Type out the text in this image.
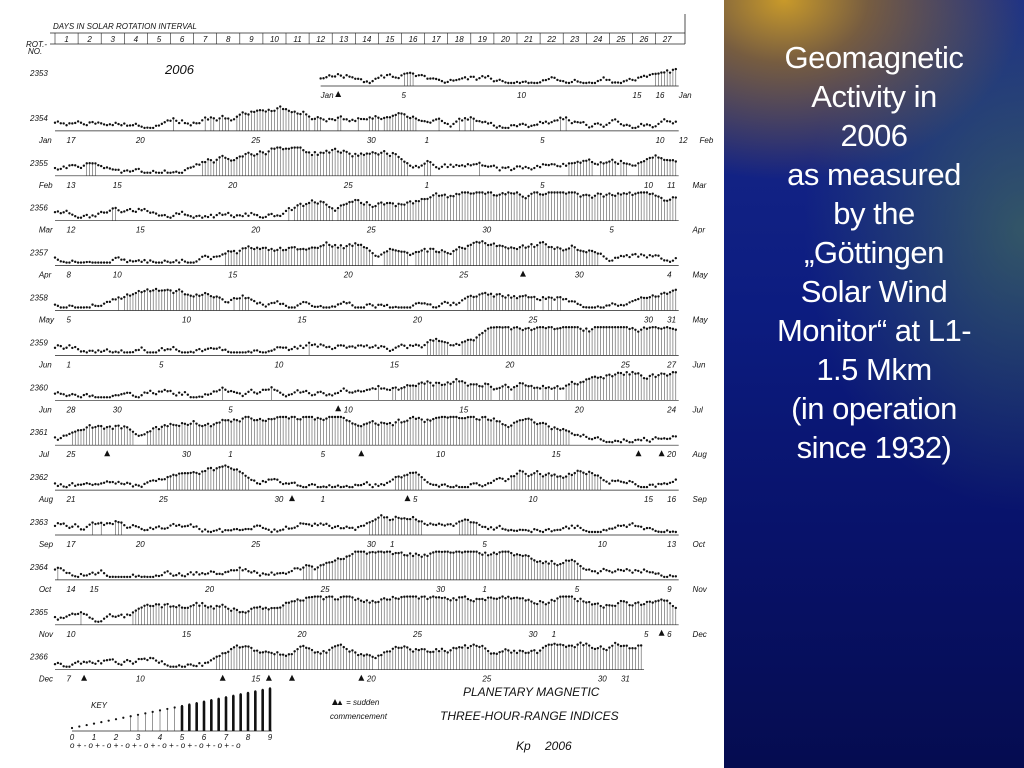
ROT.-
NO.
1 2 3 4 5 6 7 8 9 10 11 12 13 14 15 16 17 18 19 20 21 22 23 24 25 26 27
2353
Jan	5	10	15 16 Jan
2354
Jan 17	20	25	30	1	5	10 12 Feb
2355
Feb 13	15	20	25	1	5	10 11 Mar
2356
Mar 12	15	20	25	30	5	Apr
2357
Apr 8	10	15	20	25	30	4	May
2358
May 5	10	15	20	25	30 31 May
2359
Jun 1	5	10	15	20	25	27 Jun
2360
Jun 28	30	5	10	15	20	24 Jul
2361
Jul 25	30	1	5	10	15	20 Aug
2362
Aug 21	25	30	1	5	10	15 16 Sep
2363
Sep 17	20	25	30 1	5	10	13 Oct
2364
Oct 14 15	20	25	30	1	5	9	Nov
2365
Nov 10	15	20	25	30 1	5 6	Dec
2366
Dec 7	10	15	20	25	30 31
0 1 2 3 4 5 6 7 8 9
o + - o + - o + - o + - o + - o + - o + - o + - o + - o
2006
DAYS IN SOLAR ROTATION INTERVAL
PLANETARY MAGNETIC
THREE-HOUR-RANGE INDICES
Kp 2006
KEY	▲ = sudden
commencement
Geomagnetic
Activity in
2006
as measured
by the
„Göttingen
Solar Wind
Monitor“ at L1-
1.5 Mkm
(in operation
since 1932)
